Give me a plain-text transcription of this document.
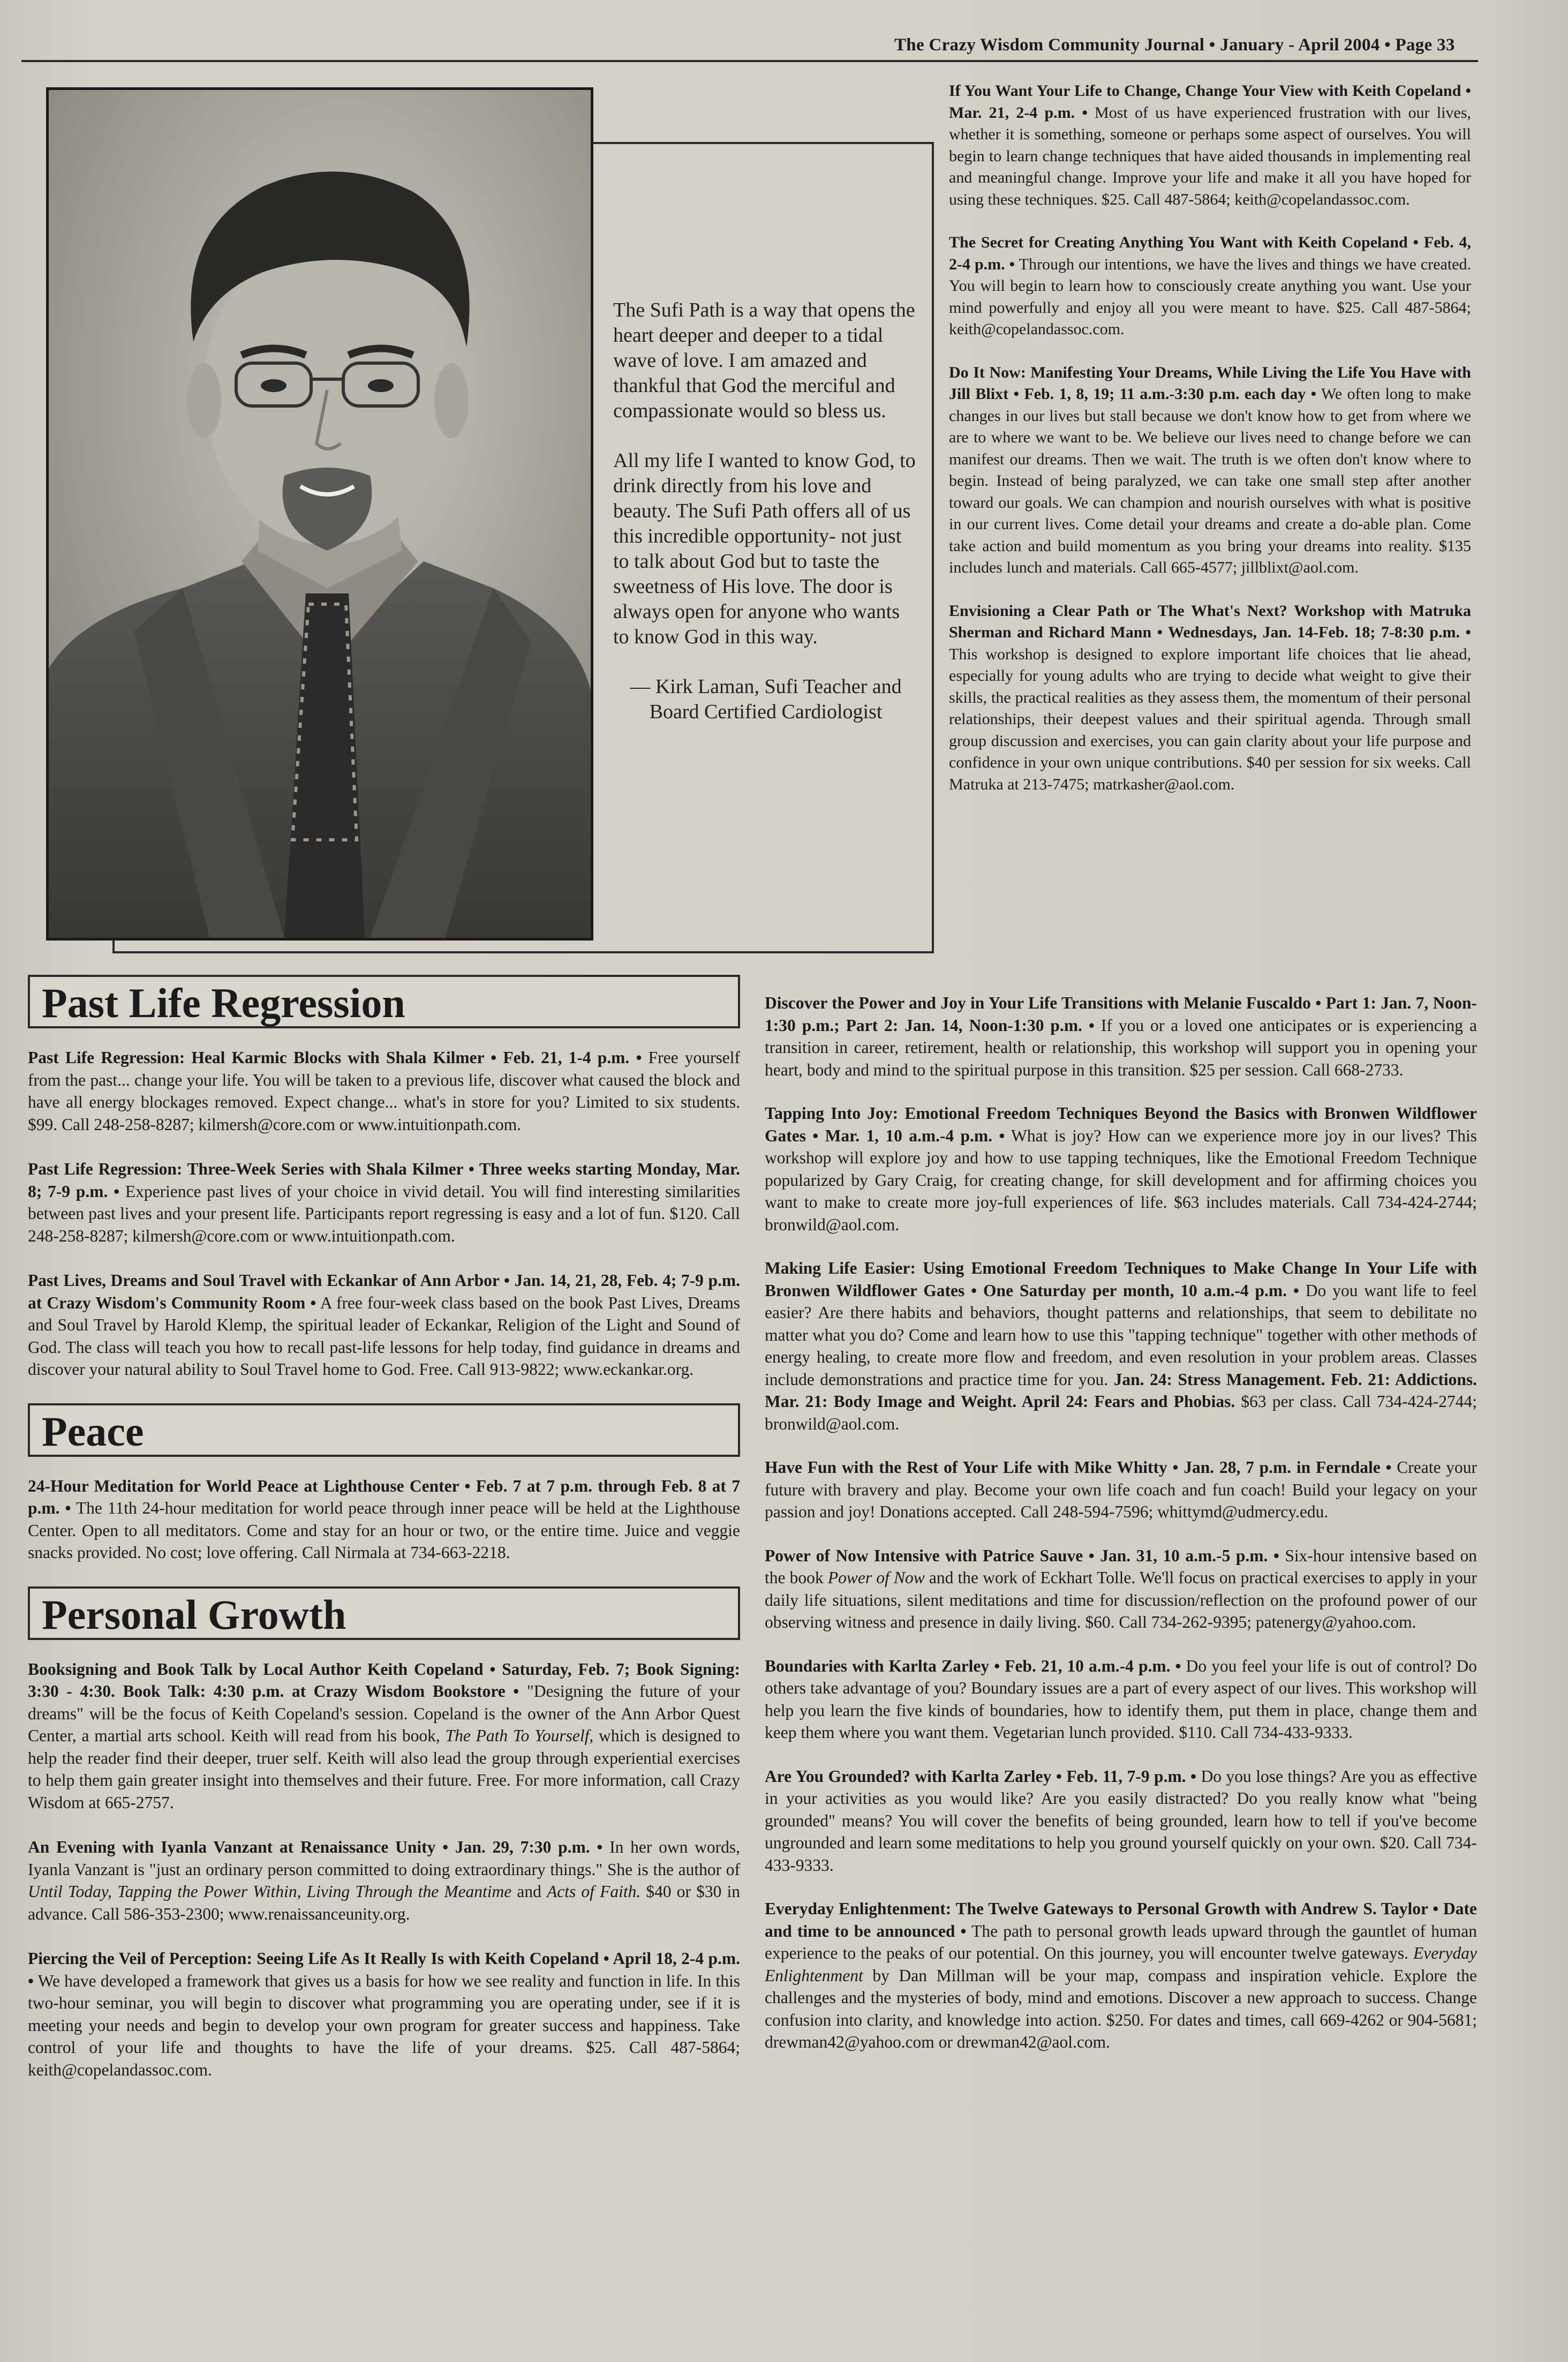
The Crazy Wisdom Community Journal • January - April 2004 • Page 33

The Sufi Path is a way that opens the heart deeper and deeper to a tidal wave of love. I am amazed and thankful that God the merciful and compassionate would so bless us.

All my life I wanted to know God, to drink directly from his love and beauty. The Sufi Path offers all of us this incredible opportunity- not just to talk about God but to taste the sweetness of His love. The door is always open for anyone who wants to know God in this way.

— Kirk Laman, Sufi Teacher and Board Certified Cardiologist

If You Want Your Life to Change, Change Your View with Keith Copeland • Mar. 21, 2-4 p.m. • Most of us have experienced frustration with our lives, whether it is something, someone or perhaps some aspect of ourselves. You will begin to learn change techniques that have aided thousands in implementing real and meaningful change. Improve your life and make it all you have hoped for using these techniques. $25. Call 487-5864; keith@copelandassoc.com.
The Secret for Creating Anything You Want with Keith Copeland • Feb. 4, 2-4 p.m. • Through our intentions, we have the lives and things we have created. You will begin to learn how to consciously create anything you want. Use your mind powerfully and enjoy all you were meant to have. $25. Call 487-5864; keith@copelandassoc.com.
Do It Now: Manifesting Your Dreams, While Living the Life You Have with Jill Blixt • Feb. 1, 8, 19; 11 a.m.-3:30 p.m. each day • We often long to make changes in our lives but stall because we don't know how to get from where we are to where we want to be. We believe our lives need to change before we can manifest our dreams. Then we wait. The truth is we often don't know where to begin. Instead of being paralyzed, we can take one small step after another toward our goals. We can champion and nourish ourselves with what is positive in our current lives. Come detail your dreams and create a do-able plan. Come take action and build momentum as you bring your dreams into reality. $135 includes lunch and materials. Call 665-4577; jillblixt@aol.com.
Envisioning a Clear Path or The What's Next? Workshop with Matruka Sherman and Richard Mann • Wednesdays, Jan. 14-Feb. 18; 7-8:30 p.m. • This workshop is designed to explore important life choices that lie ahead, especially for young adults who are trying to decide what weight to give their skills, the practical realities as they assess them, the momentum of their personal relationships, their deepest values and their spiritual agenda. Through small group discussion and exercises, you can gain clarity about your life purpose and confidence in your own unique contributions. $40 per session for six weeks. Call Matruka at 213-7475; matrkasher@aol.com.
Past Life Regression
Past Life Regression: Heal Karmic Blocks with Shala Kilmer • Feb. 21, 1-4 p.m. • Free yourself from the past... change your life. You will be taken to a previous life, discover what caused the block and have all energy blockages removed. Expect change... what's in store for you? Limited to six students. $99. Call 248-258-8287; kilmersh@core.com or www.intuitionpath.com.
Past Life Regression: Three-Week Series with Shala Kilmer • Three weeks starting Monday, Mar. 8; 7-9 p.m. • Experience past lives of your choice in vivid detail. You will find interesting similarities between past lives and your present life. Participants report regressing is easy and a lot of fun. $120. Call 248-258-8287; kilmersh@core.com or www.intuitionpath.com.
Past Lives, Dreams and Soul Travel with Eckankar of Ann Arbor • Jan. 14, 21, 28, Feb. 4; 7-9 p.m. at Crazy Wisdom's Community Room • A free four-week class based on the book Past Lives, Dreams and Soul Travel by Harold Klemp, the spiritual leader of Eckankar, Religion of the Light and Sound of God. The class will teach you how to recall past-life lessons for help today, find guidance in dreams and discover your natural ability to Soul Travel home to God. Free. Call 913-9822; www.eckankar.org.
Peace
24-Hour Meditation for World Peace at Lighthouse Center • Feb. 7 at 7 p.m. through Feb. 8 at 7 p.m. • The 11th 24-hour meditation for world peace through inner peace will be held at the Lighthouse Center. Open to all meditators. Come and stay for an hour or two, or the entire time. Juice and veggie snacks provided. No cost; love offering. Call Nirmala at 734-663-2218.
Personal Growth
Booksigning and Book Talk by Local Author Keith Copeland • Saturday, Feb. 7; Book Signing: 3:30 - 4:30. Book Talk: 4:30 p.m. at Crazy Wisdom Bookstore • "Designing the future of your dreams" will be the focus of Keith Copeland's session. Copeland is the owner of the Ann Arbor Quest Center, a martial arts school. Keith will read from his book, The Path To Yourself, which is designed to help the reader find their deeper, truer self. Keith will also lead the group through experiential exercises to help them gain greater insight into themselves and their future. Free. For more information, call Crazy Wisdom at 665-2757.
An Evening with Iyanla Vanzant at Renaissance Unity • Jan. 29, 7:30 p.m. • In her own words, Iyanla Vanzant is "just an ordinary person committed to doing extraordinary things." She is the author of Until Today, Tapping the Power Within, Living Through the Meantime and Acts of Faith. $40 or $30 in advance. Call 586-353-2300; www.renaissanceunity.org.
Piercing the Veil of Perception: Seeing Life As It Really Is with Keith Copeland • April 18, 2-4 p.m. • We have developed a framework that gives us a basis for how we see reality and function in life. In this two-hour seminar, you will begin to discover what programming you are operating under, see if it is meeting your needs and begin to develop your own program for greater success and happiness. Take control of your life and thoughts to have the life of your dreams. $25. Call 487-5864; keith@copelandassoc.com.
Discover the Power and Joy in Your Life Transitions with Melanie Fuscaldo • Part 1: Jan. 7, Noon-1:30 p.m.; Part 2: Jan. 14, Noon-1:30 p.m. • If you or a loved one anticipates or is experiencing a transition in career, retirement, health or relationship, this workshop will support you in opening your heart, body and mind to the spiritual purpose in this transition. $25 per session. Call 668-2733.
Tapping Into Joy: Emotional Freedom Techniques Beyond the Basics with Bronwen Wildflower Gates • Mar. 1, 10 a.m.-4 p.m. • What is joy? How can we experience more joy in our lives? This workshop will explore joy and how to use tapping techniques, like the Emotional Freedom Technique popularized by Gary Craig, for creating change, for skill development and for affirming choices you want to make to create more joy-full experiences of life. $63 includes materials. Call 734-424-2744; bronwild@aol.com.
Making Life Easier: Using Emotional Freedom Techniques to Make Change In Your Life with Bronwen Wildflower Gates • One Saturday per month, 10 a.m.-4 p.m. • Do you want life to feel easier? Are there habits and behaviors, thought patterns and relationships, that seem to debilitate no matter what you do? Come and learn how to use this "tapping technique" together with other methods of energy healing, to create more flow and freedom, and even resolution in your problem areas. Classes include demonstrations and practice time for you. Jan. 24: Stress Management. Feb. 21: Addictions. Mar. 21: Body Image and Weight. April 24: Fears and Phobias. $63 per class. Call 734-424-2744; bronwild@aol.com.
Have Fun with the Rest of Your Life with Mike Whitty • Jan. 28, 7 p.m. in Ferndale • Create your future with bravery and play. Become your own life coach and fun coach! Build your legacy on your passion and joy! Donations accepted. Call 248-594-7596; whittymd@udmercy.edu.
Power of Now Intensive with Patrice Sauve • Jan. 31, 10 a.m.-5 p.m. • Six-hour intensive based on the book Power of Now and the work of Eckhart Tolle. We'll focus on practical exercises to apply in your daily life situations, silent meditations and time for discussion/reflection on the profound power of our observing witness and presence in daily living. $60. Call 734-262-9395; patenergy@yahoo.com.
Boundaries with Karlta Zarley • Feb. 21, 10 a.m.-4 p.m. • Do you feel your life is out of control? Do others take advantage of you? Boundary issues are a part of every aspect of our lives. This workshop will help you learn the five kinds of boundaries, how to identify them, put them in place, change them and keep them where you want them. Vegetarian lunch provided. $110. Call 734-433-9333.
Are You Grounded? with Karlta Zarley • Feb. 11, 7-9 p.m. • Do you lose things? Are you as effective in your activities as you would like? Are you easily distracted? Do you really know what "being grounded" means? You will cover the benefits of being grounded, learn how to tell if you've become ungrounded and learn some meditations to help you ground yourself quickly on your own. $20. Call 734-433-9333.
Everyday Enlightenment: The Twelve Gateways to Personal Growth with Andrew S. Taylor • Date and time to be announced • The path to personal growth leads upward through the gauntlet of human experience to the peaks of our potential. On this journey, you will encounter twelve gateways. Everyday Enlightenment by Dan Millman will be your map, compass and inspiration vehicle. Explore the challenges and the mysteries of body, mind and emotions. Discover a new approach to success. Change confusion into clarity, and knowledge into action. $250. For dates and times, call 669-4262 or 904-5681; drewman42@yahoo.com or drewman42@aol.com.
